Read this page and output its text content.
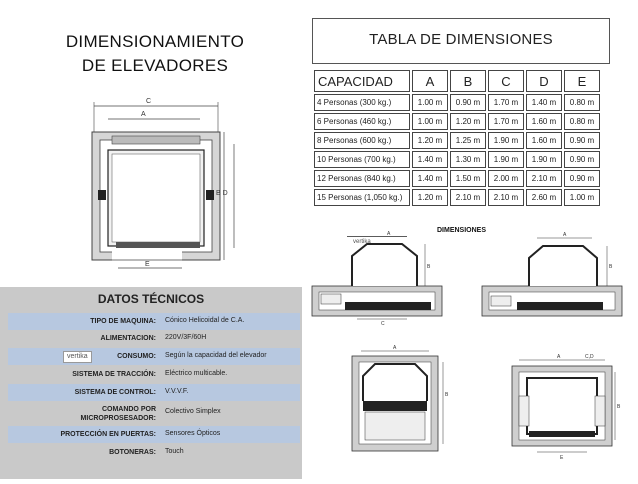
DIMENSIONAMIENTO
DE ELEVADORES
C
A
B D
E
TABLA DE DIMENSIONES
CAPACIDAD	A	B	C	D	E
4 Personas (300 kg.)	1.00 m	0.90 m	1.70 m	1.40 m	0.80 m
6 Personas (460 kg.)	1.00 m	1.20 m	1.70 m	1.60 m	0.80 m
8 Personas (600 kg.)	1.20 m	1.25 m	1.90 m	1.60 m	0.90 m
10 Personas (700 kg.)	1.40 m	1.30 m	1.90 m	1.90 m	0.90 m
12 Personas (840 kg.)	1.40 m	1.50 m	2.00 m	2.10 m	0.90 m
15 Personas (1,050 kg.)	1.20 m	2.10 m	2.10 m	2.60 m	1.00 m
DATOS TÉCNICOS
TIPO DE MAQUINA: Cónico Helicoidal de C.A.
ALIMENTACION: 220V/3F/60H
CONSUMO: Según la capacidad del elevador
vertika
SISTEMA DE TRACCIÓN: Eléctrico multicable.
SISTEMA DE CONTROL: V.V.V.F.
COMANDO POR MICROPROSESADOR:
Colectivo Simplex
PROTECCIÓN EN PUERTAS: Sensores Ópticos
BOTONERAS: Touch
DIMENSIONES
A
B
C
vertika
A
B
A
B
A	C,D
B
E
